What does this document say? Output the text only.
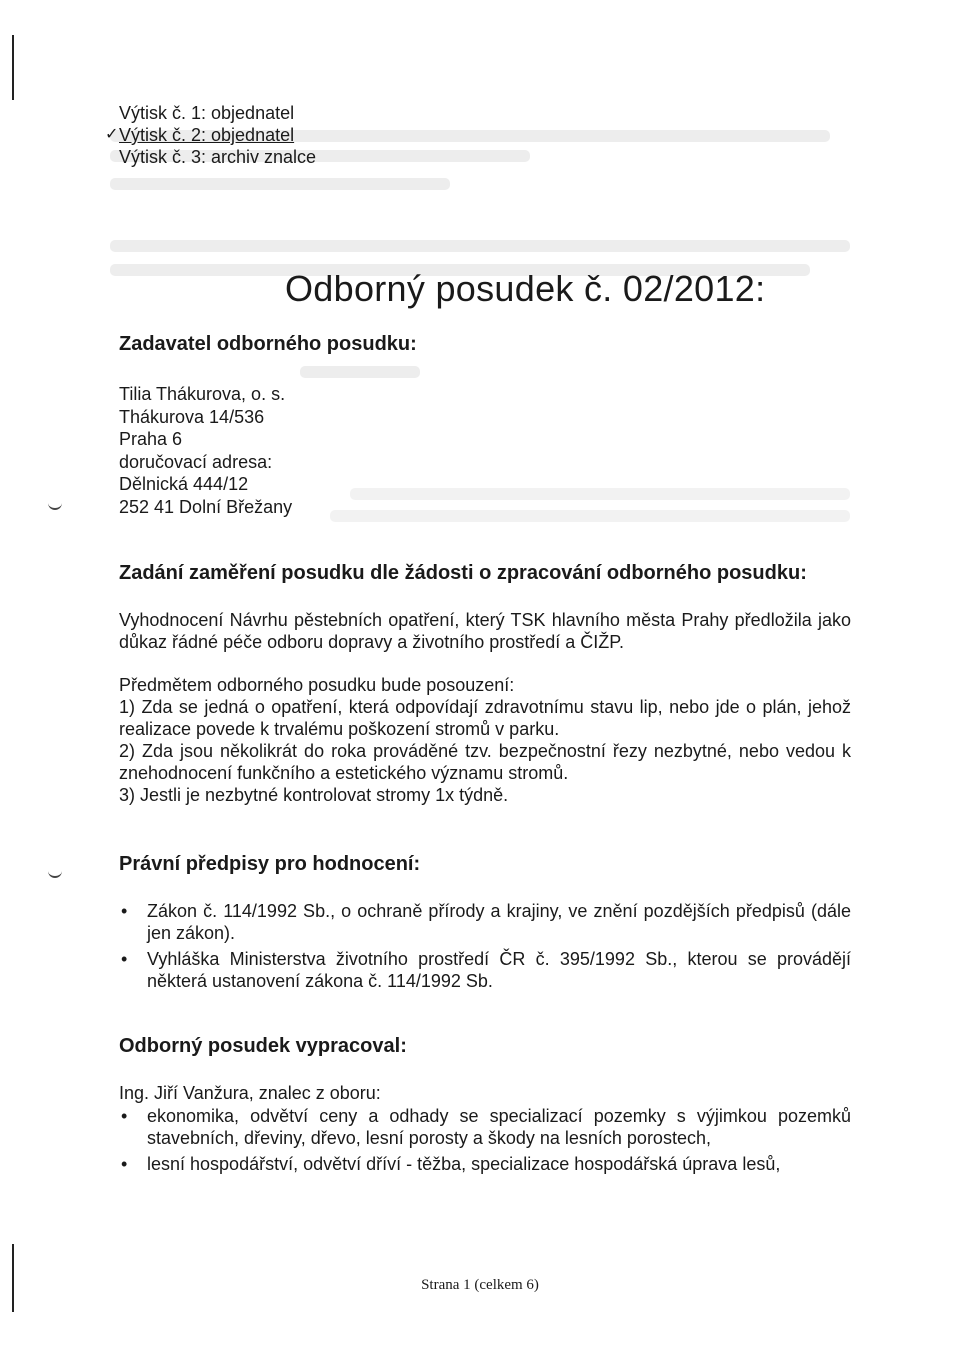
Výtisk č. 1: objednatel
✓ Výtisk č. 2: objednatel
Výtisk č. 3: archiv znalce
Odborný posudek č. 02/2012:
Zadavatel odborného posudku:
Tilia Thákurova, o. s.
Thákurova 14/536
Praha 6
doručovací adresa:
Dělnická 444/12
252 41 Dolní Břežany
Zadání zaměření posudku dle žádosti o zpracování odborného posudku:

Vyhodnocení Návrhu pěstebních opatření, který TSK hlavního města Prahy předložila jako důkaz řádné péče odboru dopravy a životního prostředí a ČIŽP.

Předmětem odborného posudku bude posouzení:

1) Zda se jedná o opatření, která odpovídají zdravotnímu stavu lip, nebo jde o plán, jehož realizace povede k trvalému poškození stromů v parku.

2) Zda jsou několikrát do roka prováděné tzv. bezpečnostní řezy nezbytné, nebo vedou k znehodnocení funkčního a estetického významu stromů.

3) Jestli je nezbytné kontrolovat stromy 1x týdně.

Právní předpisy pro hodnocení:
• Zákon č. 114/1992 Sb., o ochraně přírody a krajiny, ve znění pozdějších předpisů (dále jen zákon).
• Vyhláška Ministerstva životního prostředí ČR č. 395/1992 Sb., kterou se provádějí některá ustanovení zákona č. 114/1992 Sb.
Odborný posudek vypracoval:

Ing. Jiří Vanžura, znalec z oboru:

• ekonomika, odvětví ceny a odhady se specializací pozemky s výjimkou pozemků stavebních, dřeviny, dřevo, lesní porosty a škody na lesních porostech,
• lesní hospodářství, odvětví dříví - těžba, specializace hospodářská úprava lesů,
Strana 1 (celkem 6)
